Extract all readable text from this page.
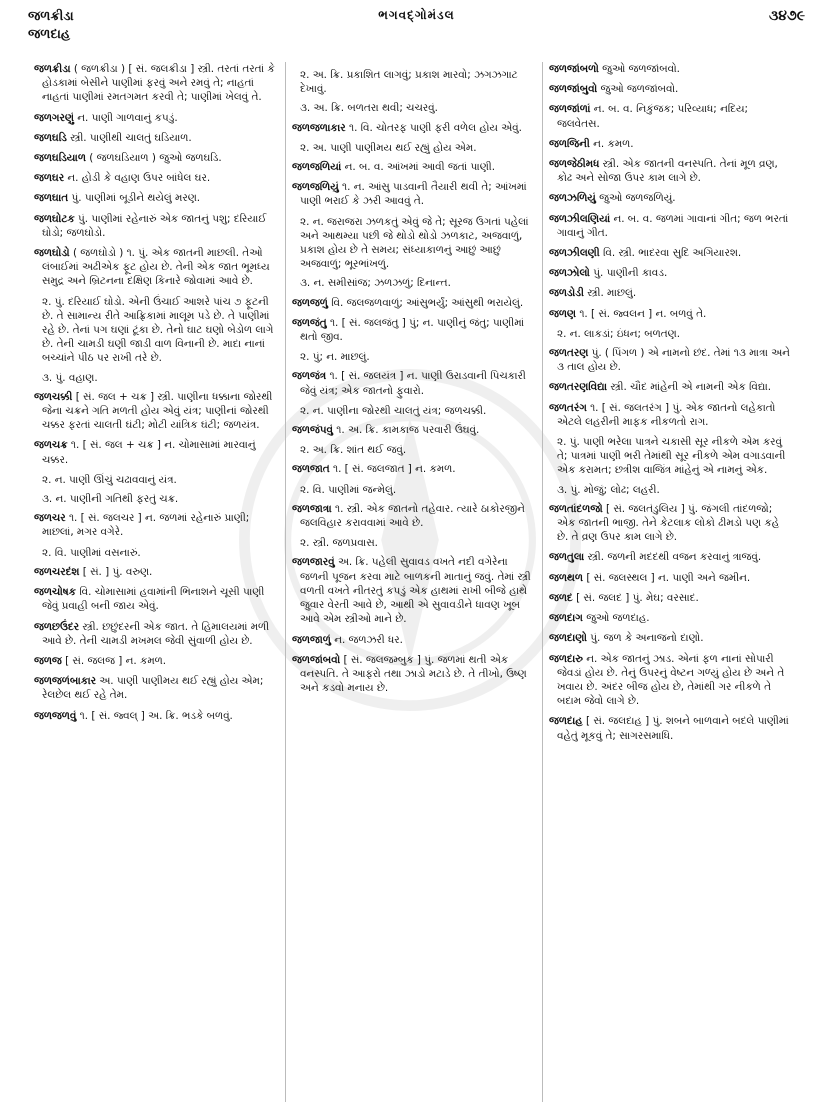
જળક્રીડા
જળદાહ
ભગવદ્ગોમંડલ	૩૪૭૯
જળક્રીડા ( જળક્રીડા ) [ સં. જલક્રીડા ] સ્ત્રી. તરતાં તરતાં કે હોડકામાં બેસીને પાણીમાં ફરવું અને રમવું તે; નાહતાં નાહતાં પાણીમાં રમતગમત કરવી તે; પાણીમાં ખેલવું તે.
જળગરણું ન. પાણી ગાળવાનું કપડું.
જળઘડિ સ્ત્રી. પાણીથી ચાલતું ઘડિયાળ.
જળઘડિયાળ ( જળઘડિયાળ ) જુઓ જળઘડિ.
જળઘર ન. હોડી કે વહાણ ઉપર બાંધેલ ઘર.
જળઘાત પું. પાણીમાં બૂડીને થયેલું મરણ.
જળઘોટક પું. પાણીમાં રહેનારું એક જાતનું પશુ; દરિયાઈ ઘોડો; જળઘોડો.
જળઘોડો ( જળઘોડો ) ૧. પું. એક જાતની માછલી. તેઓ લંબાઈમાં અઢીએક ફૂટ હોય છે. તેની એક જાત ભૂમધ્ય સમુદ્ર અને બ્રિટનના દક્ષિણ કિનારે જોવામાં આવે છે.
૨. પું. દરિયાઈ ઘોડો. એની ઉંચાઈ આશરે પાંચ ૭ ફૂટની છે. તે સામાન્ય રીતે આફ્રિકામાં માલૂમ પડે છે. તે પાણીમાં રહે છે. તેનાં પગ ઘણાં ટૂંકા છે. તેનો ઘાટ ઘણો બેડોળ લાગે છે. તેની ચામડી ઘણી જાડી વાળ વિનાની છે. માદા નાનાં બચ્ચાંને પીઠ પર રાખી તરે છે.
૩. પું. વહાણ.
જળચક્કી [ સં. જલ + ચક્ર ] સ્ત્રી. પાણીના ધક્કાના જોરથી જેના ચક્રને ગતિ મળતી હોય એવું યંત્ર; પાણીનાં જોરથી ચક્કર ફરતાં ચાલતી ઘંટી; મોટી યાંત્રિક ઘંટી; જળયંત્ર.
જળચક્ર ૧. [ સં. જલ + ચક્ર ] ન. ચોમાસામાં મારવાનું ચક્કર.
૨. ન. પાણી ઊંચું ચઢાવવાનું યંત્ર.
૩. ન. પાણીની ગતિથી ફરતું ચક્ર.
જળચર ૧. [ સં. જલચર ] ન. જળમાં રહેનારું પ્રાણી; માછલાં, મગર વગેરે.
૨. વિ. પાણીમાં વસનારું.
જળચરદંશ [ સં. ] પું. વરુણ.
જળચોષક વિ. ચોમાસામાં હવામાંની ભિનાશને ચૂસી પાણી જેવું પ્રવાહી બની જાય એવું.
જળછઉંદર સ્ત્રી. છછુંદરની એક જાત. તે હિમાલયમાં મળી આવે છે. તેની ચામડી મખમલ જેવી સુંવાળી હોય છે.
જળજ [ સં. જલજ ] ન. કમળ.
જળજળંબાકાર અ. પાણી પાણીમય થઈ રહ્યું હોય એમ; રેલછેલ થઈ રહે તેમ.
જળજળવું ૧. [ સં. જ્વલ્ ] અ. ક્રિ. ભડકે બળવું.
૨. અ. ક્રિ. પ્રકાશિત લાગવું; પ્રકાશ મારવો; ઝગઝગાટ દેખાવું.
૩. અ. ક્રિ. બળતરા થવી; ચચરવું.
જળજળાકાર ૧. વિ. ચોતરફ પાણી ફરી વળેલ હોય એવું.
૨. અ. પાણી પાણીમય થઈ રહ્યું હોય એમ.
જળજળિયાં ન. બ. વ. આંખમાં આવી જતાં પાણી.
જળજળિયું ૧. ન. આંસુ પાડવાની તૈયારી થવી તે; આંખમાં પાણી ભરાઈ કે ઝરી આવવું તે.
૨. ન. જરાજરા ઝળકતું એવું જે તે; સૂરજ ઉગતાં પહેલાં અને આથમ્યા પછી જે થોડો થોડો ઝળકાટ, અજવાળું, પ્રકાશ હોય છે તે સમય; સંધ્યાકાળનું આછું આછું અજવાળું; ભૂરભાંખળું.
૩. ન. સમીસાંજ; ઝળઝળું; દિનાન્ત.
જળજળું વિ. જલજળવાળું; આંસુભર્યું; આંસુથી ભરાયેલું.
જળજંતુ ૧. [ સં. જલજંતુ ] પું; ન. પાણીનું જંતુ; પાણીમાં થતો જીવ.
૨. પું; ન. માછલું.
જળજંત્ર ૧. [ સં. જલયંત્ર ] ન. પાણી ઉરાડવાની પિચકારી જેવું યંત્ર; એક જાતનો ફુવારો.
૨. ન. પાણીના જોરથી ચાલતું યંત્ર; જળચક્કી.
જળજંપવું ૧. અ. ક્રિ. કામકાજ પરવારી ઉંઘવું.
૨. અ. ક્રિ. શાંત થઈ જવું.
જળજાત ૧. [ સં. જલજાત ] ન. કમળ.
૨. વિ. પાણીમાં જન્મેલું.
જળજાત્રા ૧. સ્ત્રી. એક જાતનો તહેવાર. ત્યારે ઠાકોરજીને જલવિહાર કરાવવામાં આવે છે.
૨. સ્ત્રી. જળપ્રવાસ.
જળજારવું અ. ક્રિ. પહેલી સુવાવડ વખતે નદી વગેરેના જળની પૂજન કરવા માટે બાળકની માતાનું જવું. તેમાં સ્ત્રી વળતી વખતે નીતરતું કપડું એક હાથમાં રાખી બીજે હાથે જુવાર વેરતી આવે છે, આથી એ સુવાવડીને ધાવણ ખૂબ આવે એમ સ્ત્રીઓ માને છે.
જળજાળું ન. જળઝરી ધર.
જળજાંબવો [ સં. જલજમ્બુક ] પું. જળમાં થતી એક વનસ્પતિ. તે આફરો તથા ઝાડો મટાડે છે. તે તીખો, ઉષ્ણ અને કડવો મનાય છે.
જળજાંબળો જુઓ જળજાંબવો.
જળજાંબુવો જુઓ જળજાંબવો.
જળજાંળાં ન. બ. વ. નિકુંજક; પરિવ્યાધ; નદિય; જલવેતસ.
જળજિની ન. કમળ.
જળજેઠીમધ સ્ત્રી. એક જાતની વનસ્પતિ. તેનાં મૂળ વ્રણ, કોઢ અને સોજા ઉપર કામ લાગે છે.
જળઝળિયું જુઓ જળજળિયું.
જળઝીલણિયાં ન. બ. વ. જળમાં ગાવાનાં ગીત; જળ ભરતાં ગાવાનું ગીત.
જળઝીલણી વિ. સ્ત્રી. ભાદરવા સુદિ અગિયારશ.
જળઝોલો પું. પાણીની કાવડ.
જળડોડી સ્ત્રી. માછલું.
જળણ ૧. [ સં. જ્વલન ] ન. બળવું તે.
૨. ન. લાકડાં; ઇંધન; બળતણ.
જળતરણ પું. ( પિંગળ ) એ નામનો છંદ. તેમાં ૧૩ માત્રા અને ૩ તાલ હોય છે.
જળતરણવિદ્યા સ્ત્રી. ચૌદ માંહેની એ નામની એક વિદ્યા.
જળતરંગ ૧. [ સં. જલતરંગ ] પું. એક જાતનો લહેકાતો એટલે લહરીની માફક નીકળતો રાગ.
૨. પું. પાણી ભરેલા પાત્રને ચકાસી સૂર નીકળે એમ કરવું તે; પાત્રમાં પાણી ભરી તેમાંથી સૂર નીકળે એમ વગાડવાની એક કરામત; છત્રીશ વાજિંત્ર માંહેનું એ નામનું એક.
૩. પું. મોજું; લોઢ; લહરી.
જળતાંદળજો [ સં. જલતંડુલિય ] પું. જંગલી તાંદળજો; એક જાતની ભાજી. તેને કેટલાક લોકો ઢીમડો પણ કહે છે. તે વ્રણ ઉપર કામ લાગે છે.
જળતુલા સ્ત્રી. જળની મદદથી વજન કરવાનું ત્રાજવું.
જળથળ [ સં. જલસ્થલ ] ન. પાણી અને જમીન.
જળદ [ સં. જલદ ] પું. મેઘ; વરસાદ.
જળદાગ જુઓ જળદાહ.
જળદાણો પું. જળ કે અનાજનો દાણો.
જળદારુ ન. એક જાતનું ઝાડ. એનાં ફળ નાનાં સોપારી જેવડાં હોય છે. તેનું ઉપરનું વેષ્ટન ગળ્યું હોય છે અને તે ખવાય છે. અંદર બીજ હોય છે, તેમાંથી ગર નીકળે તે બદામ જેવો લાગે છે.
જળદાહ [ સં. જલદાહ ] પું. શબને બાળવાને બદલે પાણીમાં વહેતું મૂકવું તે; સાગરસમાધિ.
